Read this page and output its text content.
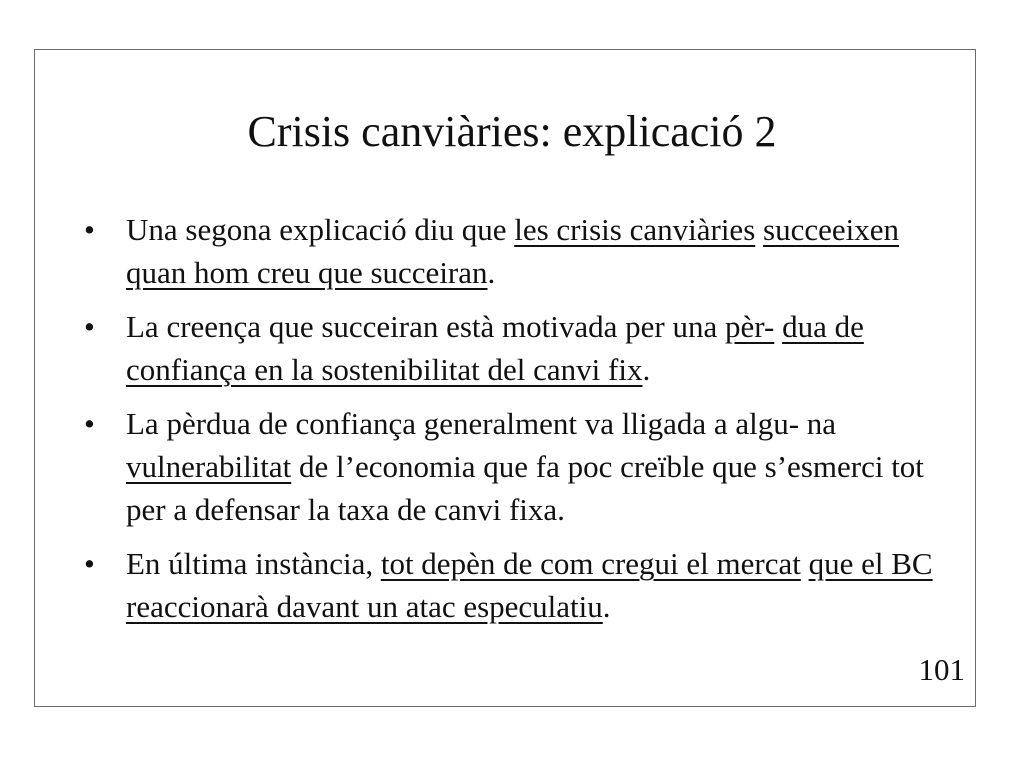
Crisis canviàries: explicació 2
•	Una segona explicació diu que les crisis canviàries succeeixen quan hom creu que succeiran.
•	La creença que succeiran està motivada per una pèr- dua de confiança en la sostenibilitat del canvi fix.
•	La pèrdua de confiança generalment va lligada a algu- na vulnerabilitat de l’economia que fa poc creïble que s’esmerci tot per a defensar la taxa de canvi fixa.
•	En última instància, tot depèn de com cregui el mercat que el BC reaccionarà davant un atac especulatiu.
101
